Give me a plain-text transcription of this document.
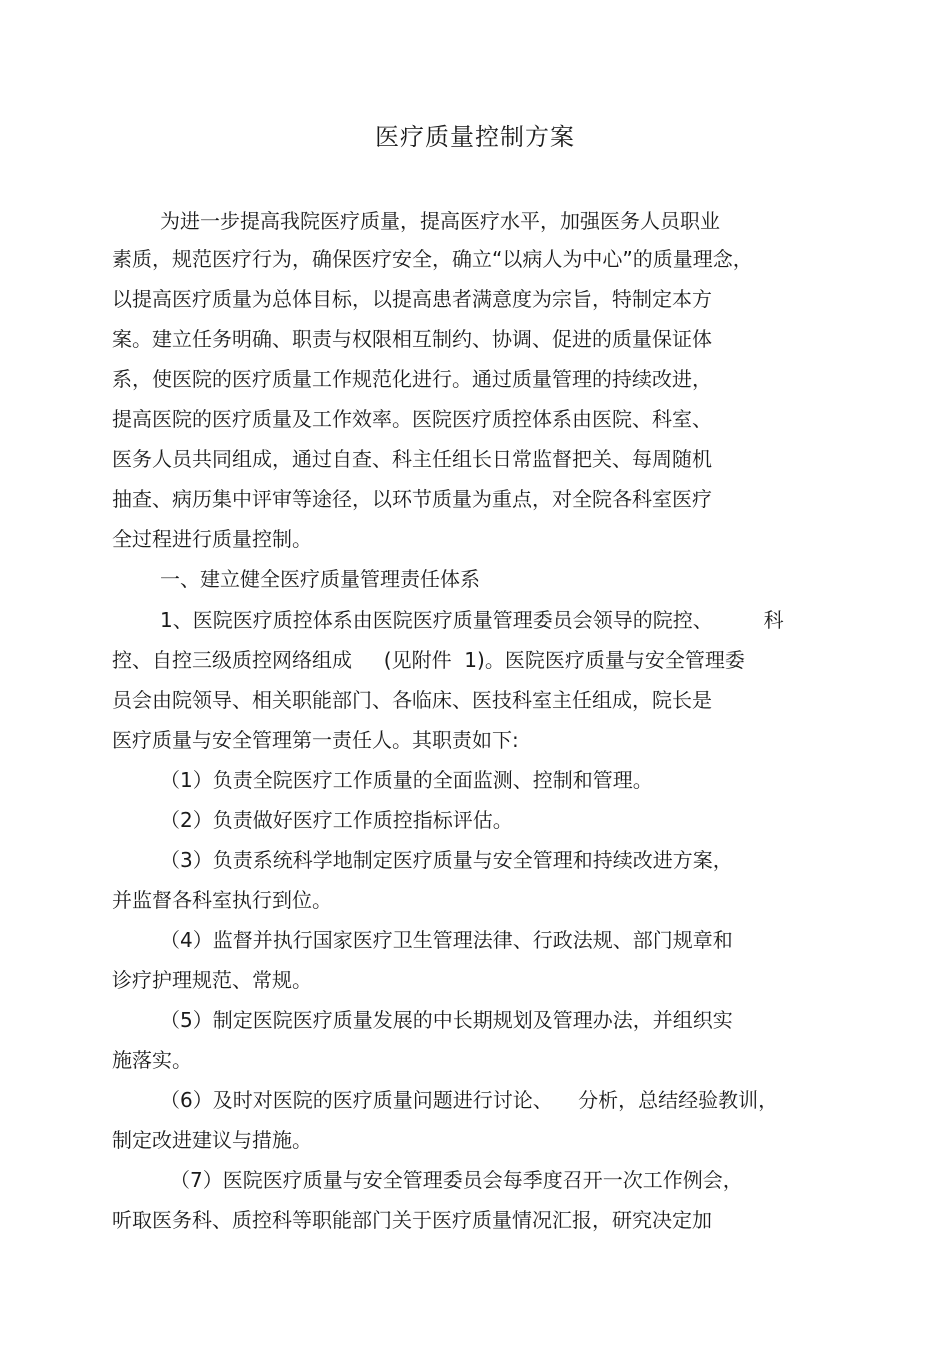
医疗质量控制方案
为进一步提高我院医疗质量，提高医疗水平，加强医务人员职业
素质，规范医疗行为，确保医疗安全，确立“以病人为中心”的质量理念，
以提高医疗质量为总体目标，以提高患者满意度为宗旨，特制定本方
案。建立任务明确、职责与权限相互制约、协调、促进的质量保证体
系，使医院的医疗质量工作规范化进行。通过质量管理的持续改进，
提高医院的医疗质量及工作效率。医院医疗质控体系由医院、科室、
医务人员共同组成，通过自查、科主任组长日常监督把关、每周随机
抽查、病历集中评审等途径，以环节质量为重点，对全院各科室医疗
全过程进行质量控制。
一、建立健全医疗质量管理责任体系
1、医院医疗质控体系由医院医疗质量管理委员会领导的院控、        科
控、自控三级质控网络组成     (见附件  1)。医院医疗质量与安全管理委
员会由院领导、相关职能部门、各临床、医技科室主任组成，院长是
医疗质量与安全管理第一责任人。其职责如下:
（1）负责全院医疗工作质量的全面监测、控制和管理。
（2）负责做好医疗工作质控指标评估。
（3）负责系统科学地制定医疗质量与安全管理和持续改进方案，
并监督各科室执行到位。
（4）监督并执行国家医疗卫生管理法律、行政法规、部门规章和
诊疗护理规范、常规。
（5）制定医院医疗质量发展的中长期规划及管理办法，并组织实
施落实。
（6）及时对医院的医疗质量问题进行讨论、    分析，总结经验教训，
制定改进建议与措施。
（7）医院医疗质量与安全管理委员会每季度召开一次工作例会，
听取医务科、质控科等职能部门关于医疗质量情况汇报，研究决定加
